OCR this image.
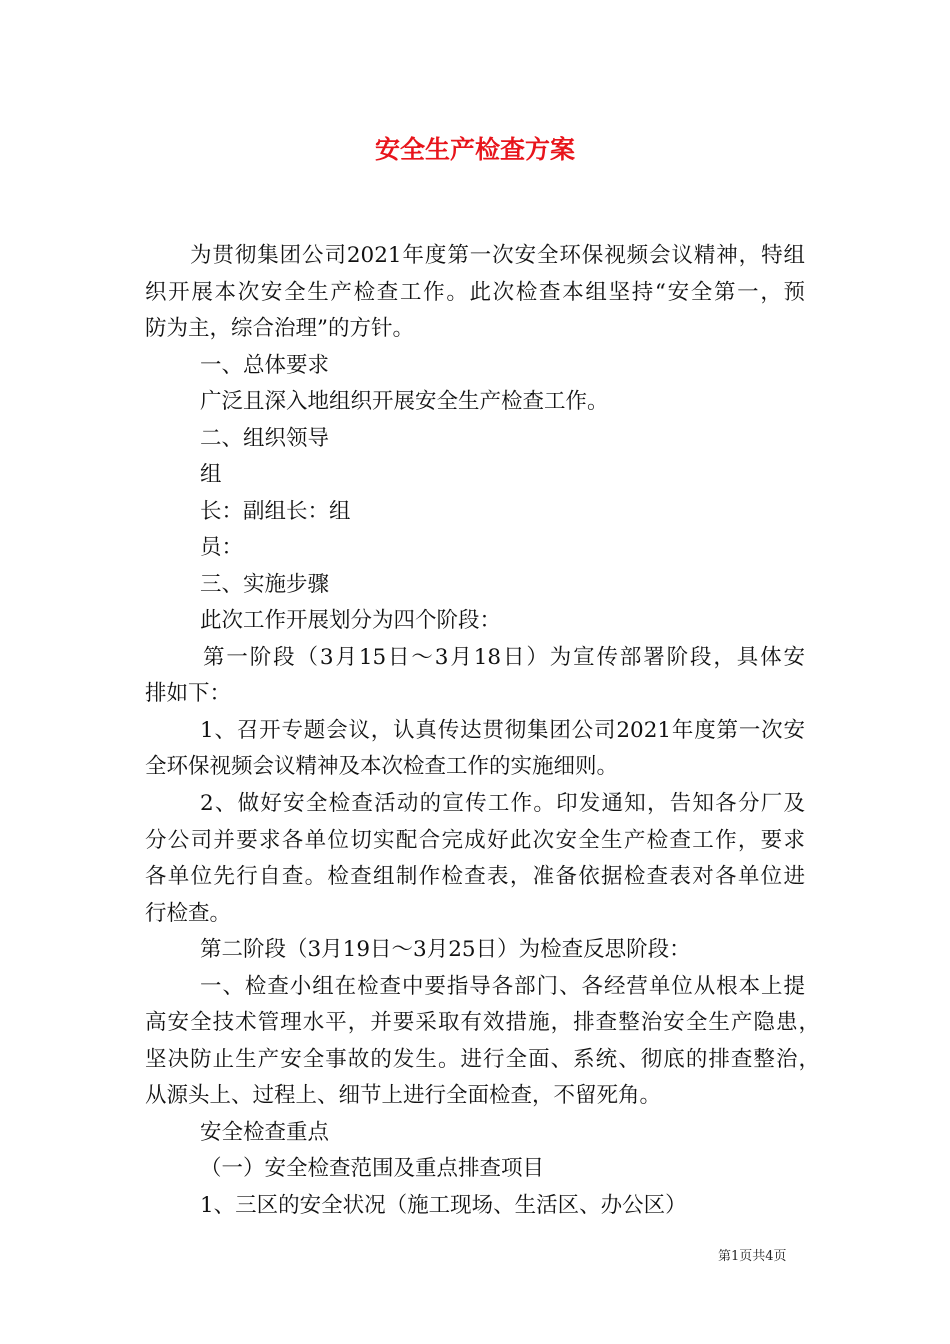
安全生产检查方案
为贯彻集团公司2021年度第一次安全环保视频会议精神，特组
织开展本次安全生产检查工作。此次检查本组坚持“安全第一，预
防为主，综合治理”的方针。
一、总体要求
广泛且深入地组织开展安全生产检查工作。
二、组织领导
组
长：副组长：组
员：
三、实施步骤
此次工作开展划分为四个阶段：
第一阶段（3月15日～3月18日）为宣传部署阶段，具体安
排如下：
1、召开专题会议，认真传达贯彻集团公司2021年度第一次安
全环保视频会议精神及本次检查工作的实施细则。
2、做好安全检查活动的宣传工作。印发通知，告知各分厂及
分公司并要求各单位切实配合完成好此次安全生产检查工作，要求
各单位先行自查。检查组制作检查表，准备依据检查表对各单位进
行检查。
第二阶段（3月19日～3月25日）为检查反思阶段：
一、检查小组在检查中要指导各部门、各经营单位从根本上提
高安全技术管理水平，并要采取有效措施，排查整治安全生产隐患，
坚决防止生产安全事故的发生。进行全面、系统、彻底的排查整治，
从源头上、过程上、细节上进行全面检查，不留死角。
安全检查重点
（一）安全检查范围及重点排查项目
1、三区的安全状况（施工现场、生活区、办公区）
第1页共4页
